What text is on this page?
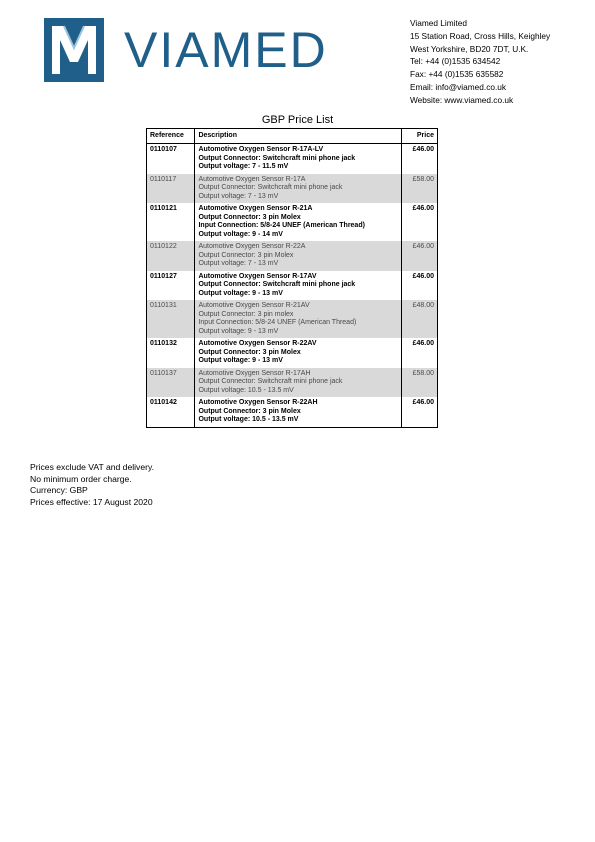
VIAMED	Viamed Limited
15 Station Road, Cross Hills, Keighley
West Yorkshire, BD20 7DT, U.K.
Tel: +44 (0)1535 634542
Fax: +44 (0)1535 635582
Email: info@viamed.co.uk
Website: www.viamed.co.uk
GBP Price List
Reference	Description	Price
0110107	Automotive Oxygen Sensor R-17A-LV
Output Connector: Switchcraft mini phone jack
Output voltage: 7 - 11.5 mV	£46.00
0110117	Automotive Oxygen Sensor R-17A
Output Connector: Switchcraft mini phone jack
Output voltage: 7 - 13 mV	£58.00
0110121	Automotive Oxygen Sensor R-21A
Output Connector: 3 pin Molex
Input Connection: 5/8-24 UNEF (American Thread)
Output voltage: 9 - 14 mV	£46.00
0110122	Automotive Oxygen Sensor R-22A
Output Connector: 3 pin Molex
Output voltage: 7 - 13 mV	£46.00
0110127	Automotive Oxygen Sensor R-17AV
Output Connector: Switchcraft mini phone jack
Output voltage: 9 - 13 mV	£46.00
0110131	Automotive Oxygen Sensor R-21AV
Output Connector: 3 pin molex
Input Connection: 5/8-24 UNEF (American Thread)
Output voltage: 9 - 13 mV	£48.00
0110132	Automotive Oxygen Sensor R-22AV
Output Connector: 3 pin Molex
Output voltage: 9 - 13 mV	£46.00
0110137	Automotive Oxygen Sensor R-17AH
Output Connector: Switchcraft mini phone jack
Output voltage: 10.5 - 13.5 mV	£58.00
0110142	Automotive Oxygen Sensor R-22AH
Output Connector: 3 pin Molex
Output voltage: 10.5 - 13.5 mV	£46.00
Prices exclude VAT and delivery.
No minimum order charge.
Currency: GBP
Prices effective: 17 August 2020
